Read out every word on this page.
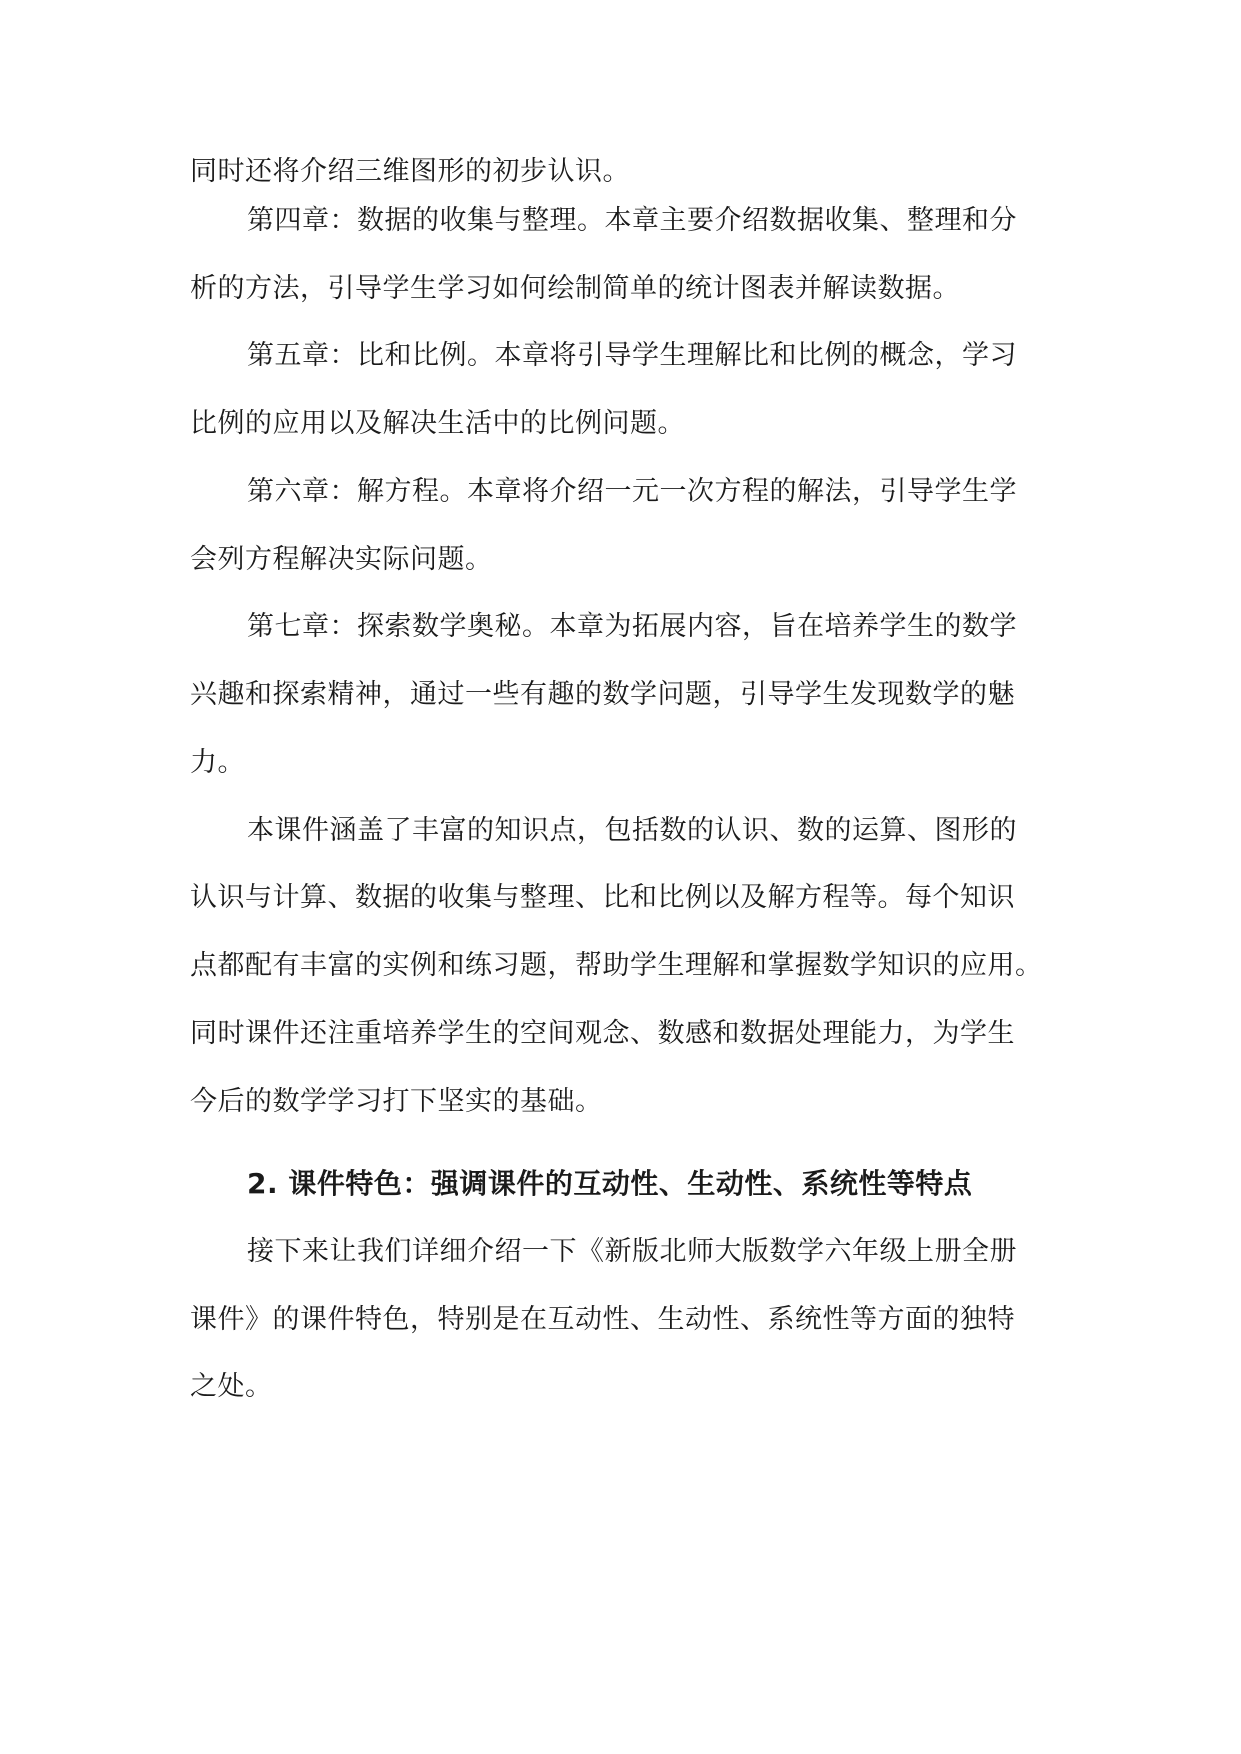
同时还将介绍三维图形的初步认识。
第四章：数据的收集与整理。本章主要介绍数据收集、整理和分
析的方法，引导学生学习如何绘制简单的统计图表并解读数据。
第五章：比和比例。本章将引导学生理解比和比例的概念，学习
比例的应用以及解决生活中的比例问题。
第六章：解方程。本章将介绍一元一次方程的解法，引导学生学
会列方程解决实际问题。
第七章：探索数学奥秘。本章为拓展内容，旨在培养学生的数学
兴趣和探索精神，通过一些有趣的数学问题，引导学生发现数学的魅
力。
本课件涵盖了丰富的知识点，包括数的认识、数的运算、图形的
认识与计算、数据的收集与整理、比和比例以及解方程等。每个知识
点都配有丰富的实例和练习题，帮助学生理解和掌握数学知识的应用。
同时课件还注重培养学生的空间观念、数感和数据处理能力，为学生
今后的数学学习打下坚实的基础。
2. 课件特色：强调课件的互动性、生动性、系统性等特点
接下来让我们详细介绍一下《新版北师大版数学六年级上册全册
课件》的课件特色，特别是在互动性、生动性、系统性等方面的独特
之处。
